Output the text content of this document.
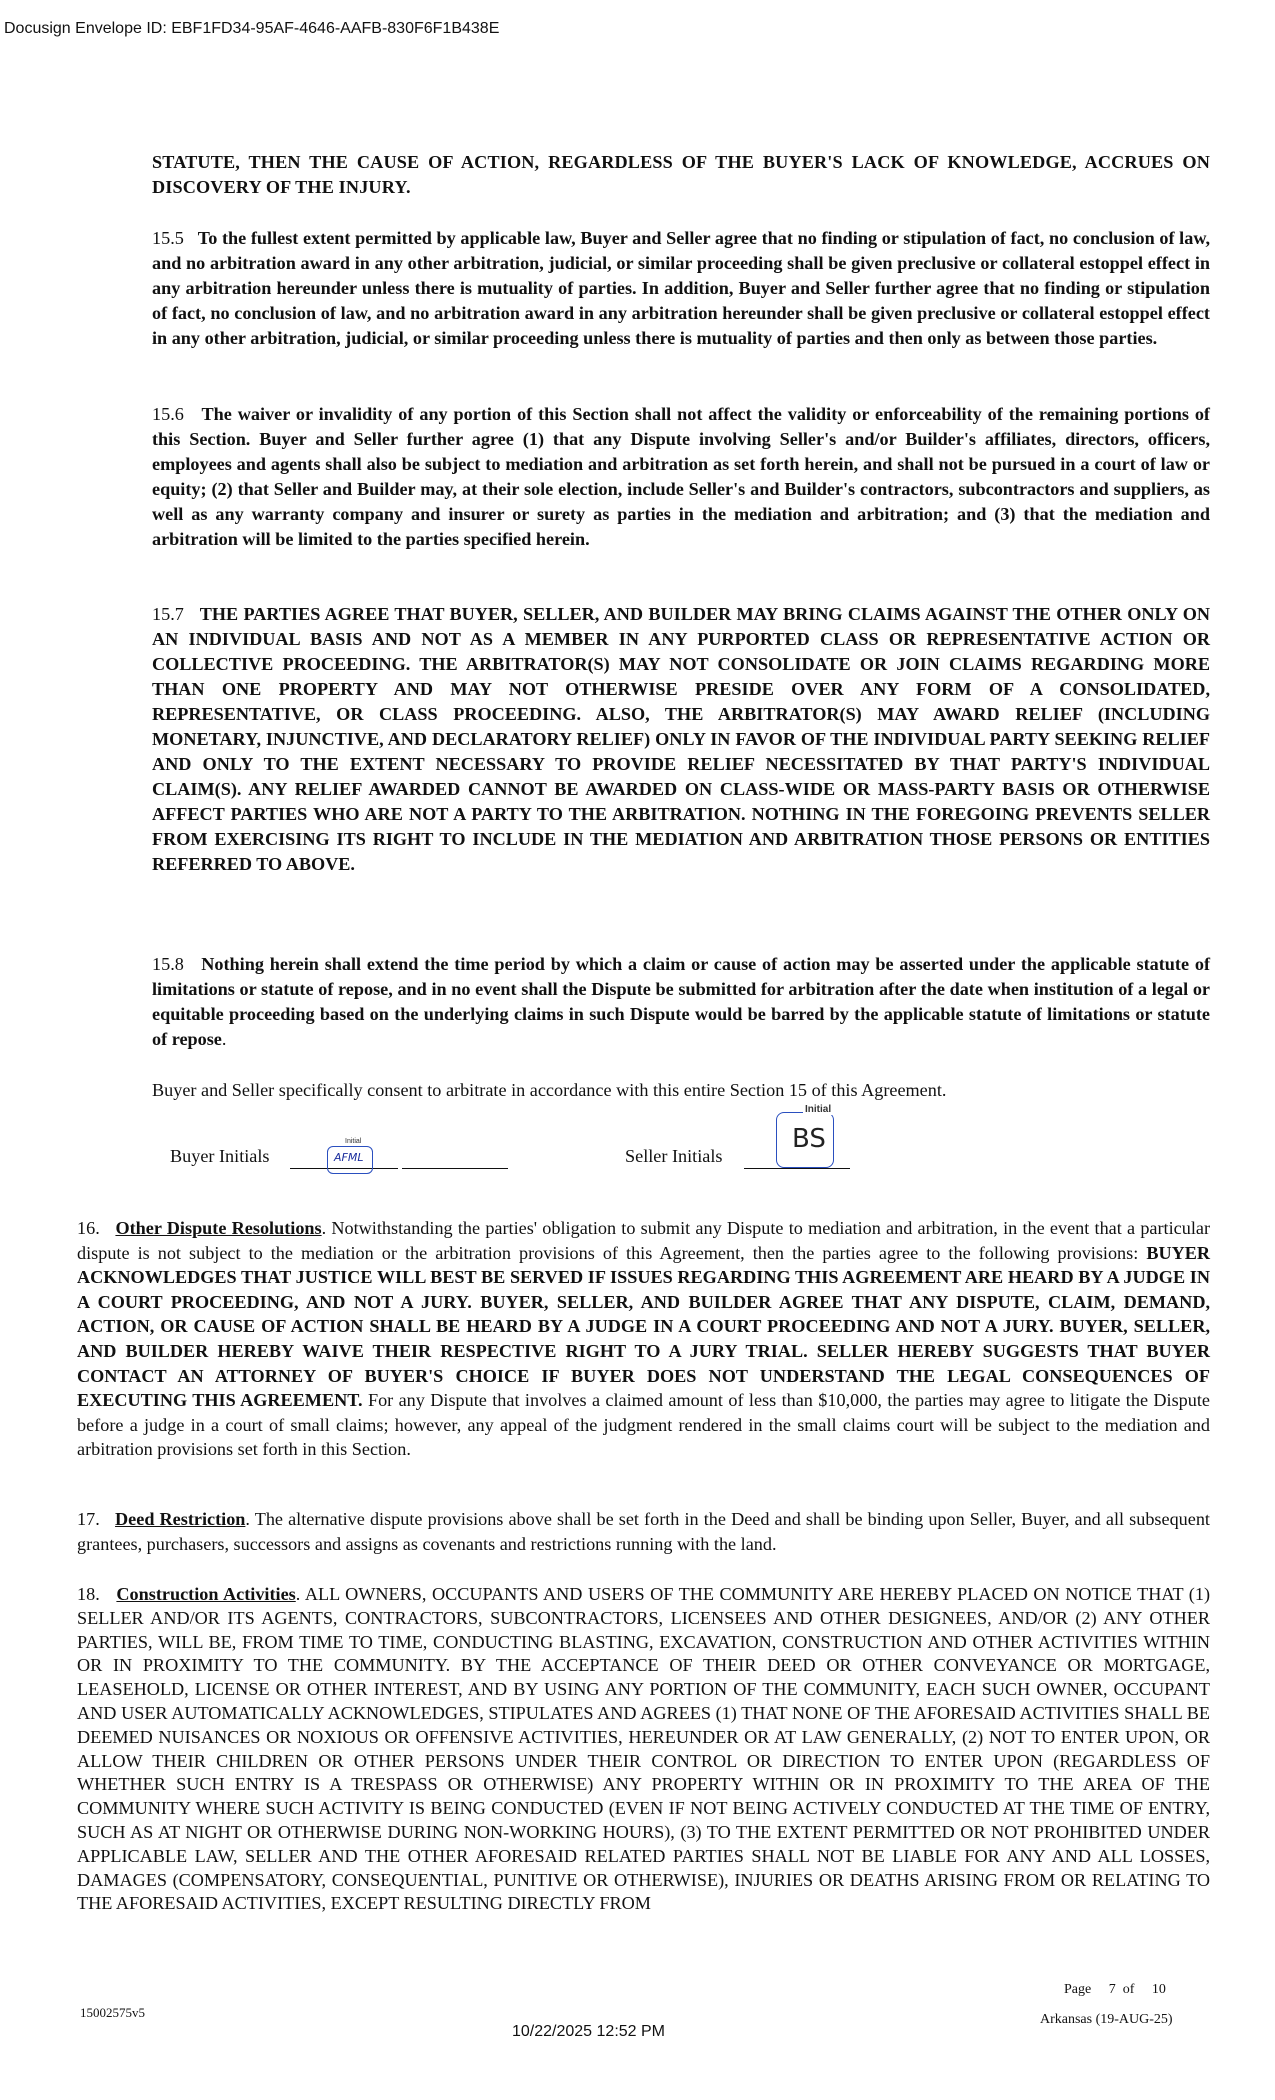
Docusign Envelope ID: EBF1FD34-95AF-4646-AAFB-830F6F1B438E

STATUTE, THEN THE CAUSE OF ACTION, REGARDLESS OF THE BUYER'S LACK OF KNOWLEDGE, ACCRUES ON DISCOVERY OF THE INJURY.

15.5 To the fullest extent permitted by applicable law, Buyer and Seller agree that no finding or stipulation of fact, no conclusion of law, and no arbitration award in any other arbitration, judicial, or similar proceeding shall be given preclusive or collateral estoppel effect in any arbitration hereunder unless there is mutuality of parties. In addition, Buyer and Seller further agree that no finding or stipulation of fact, no conclusion of law, and no arbitration award in any arbitration hereunder shall be given preclusive or collateral estoppel effect in any other arbitration, judicial, or similar proceeding unless there is mutuality of parties and then only as between those parties.

15.6 The waiver or invalidity of any portion of this Section shall not affect the validity or enforceability of the remaining portions of this Section. Buyer and Seller further agree (1) that any Dispute involving Seller's and/or Builder's affiliates, directors, officers, employees and agents shall also be subject to mediation and arbitration as set forth herein, and shall not be pursued in a court of law or equity; (2) that Seller and Builder may, at their sole election, include Seller's and Builder's contractors, subcontractors and suppliers, as well as any warranty company and insurer or surety as parties in the mediation and arbitration; and (3) that the mediation and arbitration will be limited to the parties specified herein.

15.7 THE PARTIES AGREE THAT BUYER, SELLER, AND BUILDER MAY BRING CLAIMS AGAINST THE OTHER ONLY ON AN INDIVIDUAL BASIS AND NOT AS A MEMBER IN ANY PURPORTED CLASS OR REPRESENTATIVE ACTION OR COLLECTIVE PROCEEDING. THE ARBITRATOR(S) MAY NOT CONSOLIDATE OR JOIN CLAIMS REGARDING MORE THAN ONE PROPERTY AND MAY NOT OTHERWISE PRESIDE OVER ANY FORM OF A CONSOLIDATED, REPRESENTATIVE, OR CLASS PROCEEDING. ALSO, THE ARBITRATOR(S) MAY AWARD RELIEF (INCLUDING MONETARY, INJUNCTIVE, AND DECLARATORY RELIEF) ONLY IN FAVOR OF THE INDIVIDUAL PARTY SEEKING RELIEF AND ONLY TO THE EXTENT NECESSARY TO PROVIDE RELIEF NECESSITATED BY THAT PARTY'S INDIVIDUAL CLAIM(S). ANY RELIEF AWARDED CANNOT BE AWARDED ON CLASS-WIDE OR MASS-PARTY BASIS OR OTHERWISE AFFECT PARTIES WHO ARE NOT A PARTY TO THE ARBITRATION. NOTHING IN THE FOREGOING PREVENTS SELLER FROM EXERCISING ITS RIGHT TO INCLUDE IN THE MEDIATION AND ARBITRATION THOSE PERSONS OR ENTITIES REFERRED TO ABOVE.

15.8 Nothing herein shall extend the time period by which a claim or cause of action may be asserted under the applicable statute of limitations or statute of repose, and in no event shall the Dispute be submitted for arbitration after the date when institution of a legal or equitable proceeding based on the underlying claims in such Dispute would be barred by the applicable statute of limitations or statute of repose.

Buyer and Seller specifically consent to arbitrate in accordance with this entire Section 15 of this Agreement.

Buyer Initials
Initial
AFML	Seller Initials
Initial
BS

16. Other Dispute Resolutions. Notwithstanding the parties' obligation to submit any Dispute to mediation and arbitration, in the event that a particular dispute is not subject to the mediation or the arbitration provisions of this Agreement, then the parties agree to the following provisions: BUYER ACKNOWLEDGES THAT JUSTICE WILL BEST BE SERVED IF ISSUES REGARDING THIS AGREEMENT ARE HEARD BY A JUDGE IN A COURT PROCEEDING, AND NOT A JURY. BUYER, SELLER, AND BUILDER AGREE THAT ANY DISPUTE, CLAIM, DEMAND, ACTION, OR CAUSE OF ACTION SHALL BE HEARD BY A JUDGE IN A COURT PROCEEDING AND NOT A JURY. BUYER, SELLER, AND BUILDER HEREBY WAIVE THEIR RESPECTIVE RIGHT TO A JURY TRIAL. SELLER HEREBY SUGGESTS THAT BUYER CONTACT AN ATTORNEY OF BUYER'S CHOICE IF BUYER DOES NOT UNDERSTAND THE LEGAL CONSEQUENCES OF EXECUTING THIS AGREEMENT. For any Dispute that involves a claimed amount of less than $10,000, the parties may agree to litigate the Dispute before a judge in a court of small claims; however, any appeal of the judgment rendered in the small claims court will be subject to the mediation and arbitration provisions set forth in this Section.

17. Deed Restriction. The alternative dispute provisions above shall be set forth in the Deed and shall be binding upon Seller, Buyer, and all subsequent grantees, purchasers, successors and assigns as covenants and restrictions running with the land.

18. Construction Activities. ALL OWNERS, OCCUPANTS AND USERS OF THE COMMUNITY ARE HEREBY PLACED ON NOTICE THAT (1) SELLER AND/OR ITS AGENTS, CONTRACTORS, SUBCONTRACTORS, LICENSEES AND OTHER DESIGNEES, AND/OR (2) ANY OTHER PARTIES, WILL BE, FROM TIME TO TIME, CONDUCTING BLASTING, EXCAVATION, CONSTRUCTION AND OTHER ACTIVITIES WITHIN OR IN PROXIMITY TO THE COMMUNITY. BY THE ACCEPTANCE OF THEIR DEED OR OTHER CONVEYANCE OR MORTGAGE, LEASEHOLD, LICENSE OR OTHER INTEREST, AND BY USING ANY PORTION OF THE COMMUNITY, EACH SUCH OWNER, OCCUPANT AND USER AUTOMATICALLY ACKNOWLEDGES, STIPULATES AND AGREES (1) THAT NONE OF THE AFORESAID ACTIVITIES SHALL BE DEEMED NUISANCES OR NOXIOUS OR OFFENSIVE ACTIVITIES, HEREUNDER OR AT LAW GENERALLY, (2) NOT TO ENTER UPON, OR ALLOW THEIR CHILDREN OR OTHER PERSONS UNDER THEIR CONTROL OR DIRECTION TO ENTER UPON (REGARDLESS OF WHETHER SUCH ENTRY IS A TRESPASS OR OTHERWISE) ANY PROPERTY WITHIN OR IN PROXIMITY TO THE AREA OF THE COMMUNITY WHERE SUCH ACTIVITY IS BEING CONDUCTED (EVEN IF NOT BEING ACTIVELY CONDUCTED AT THE TIME OF ENTRY, SUCH AS AT NIGHT OR OTHERWISE DURING NON-WORKING HOURS), (3) TO THE EXTENT PERMITTED OR NOT PROHIBITED UNDER APPLICABLE LAW, SELLER AND THE OTHER AFORESAID RELATED PARTIES SHALL NOT BE LIABLE FOR ANY AND ALL LOSSES, DAMAGES (COMPENSATORY, CONSEQUENTIAL, PUNITIVE OR OTHERWISE), INJURIES OR DEATHS ARISING FROM OR RELATING TO THE AFORESAID ACTIVITIES, EXCEPT RESULTING DIRECTLY FROM

15002575v5
Page 7 of 10
Arkansas (19-AUG-25)
10/22/2025 12:52 PM
